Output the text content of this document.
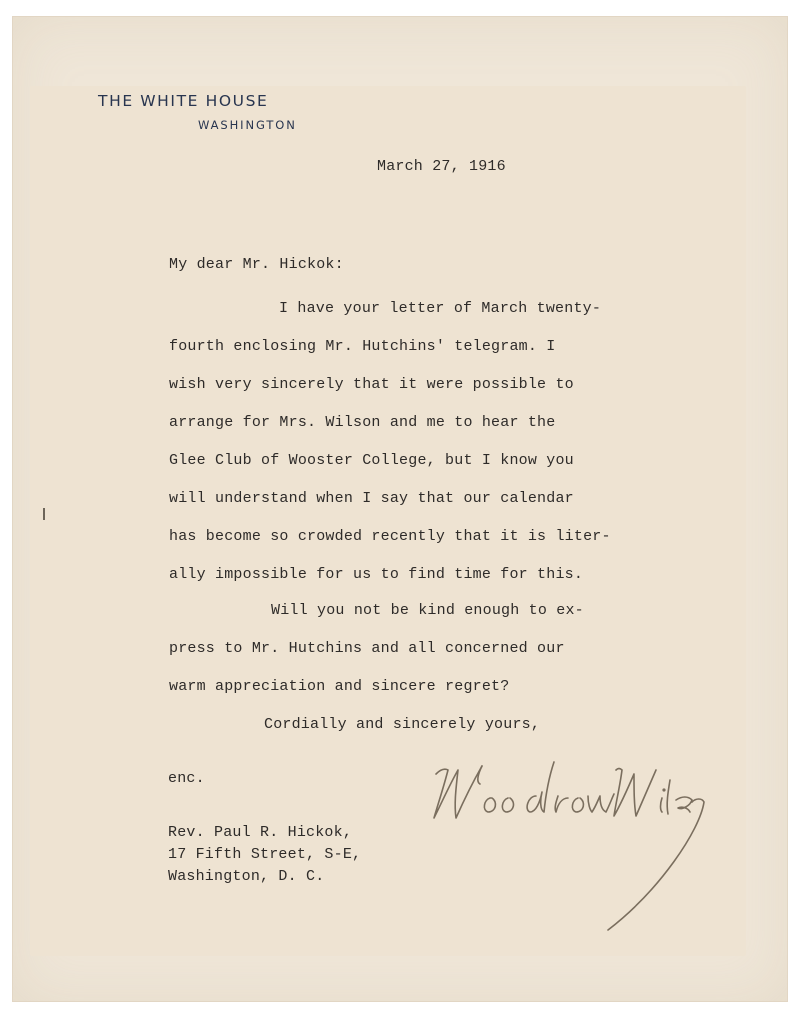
THE WHITE HOUSE
WASHINGTON
March 27, 1916
My dear Mr. Hickok:
I have your letter of March twenty-
fourth enclosing Mr. Hutchins' telegram. I
wish very sincerely that it were possible to
arrange for Mrs. Wilson and me to hear the
Glee Club of Wooster College, but I know you
will understand when I say that our calendar
has become so crowded recently that it is liter-
ally impossible for us to find time for this.
Will you not be kind enough to ex-
press to Mr. Hutchins and all concerned our
warm appreciation and sincere regret?
Cordially and sincerely yours,
enc.
Rev. Paul R. Hickok,
17 Fifth Street, S-E,
Washington, D. C.
